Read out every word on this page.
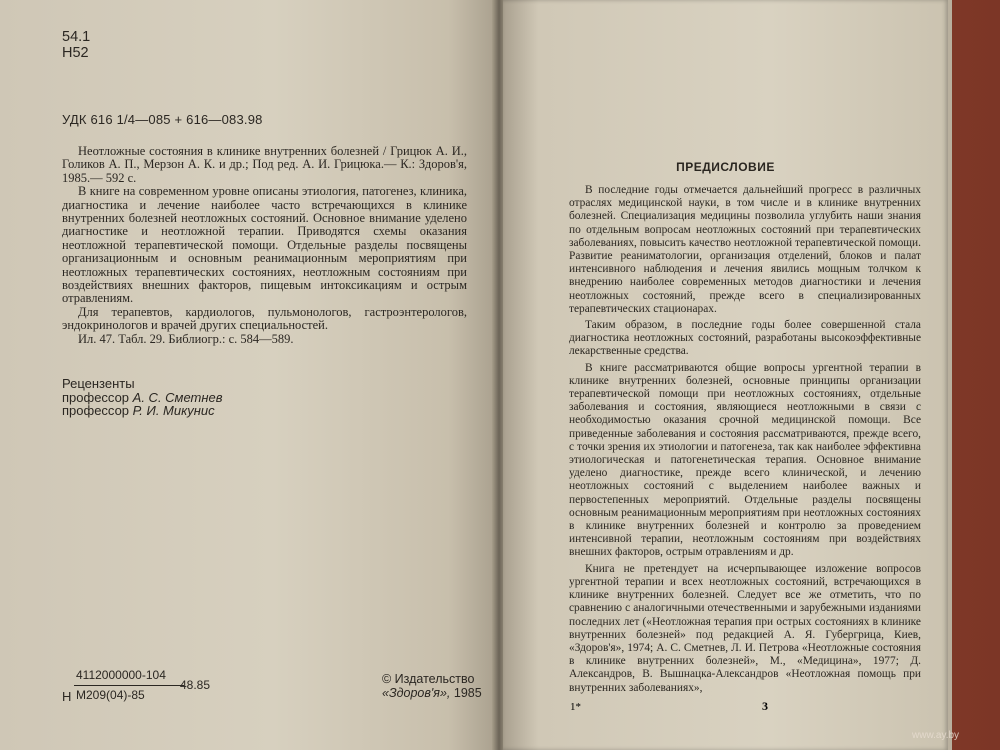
54.1
Н52
УДК 616 1/4—085 + 616—083.98

Неотложные состояния в клинике внутренних болезней / Грицюк А. И., Голиков А. П., Мерзон А. К. и др.; Под ред. А. И. Грицюка.— К.: Здоров'я, 1985.— 592 с.

В книге на современном уровне описаны этиология, патогенез, клиника, диагностика и лечение наиболее часто встречающихся в клинике внутренних болезней неотложных состояний. Основное внимание уделено диагностике и неотложной терапии. Приводятся схемы оказания неотложной терапевтической помощи. Отдельные разделы посвящены организационным и основным реанимационным мероприятиям при неотложных терапевтических состояниях, неотложным состояниям при воздействиях внешних факторов, пищевым интоксикациям и острым отравлениям.

Для терапевтов, кардиологов, пульмонологов, гастроэнтерологов, эндокринологов и врачей других специальностей.

Ил. 47. Табл. 29. Библиогр.: с. 584—589.

Рецензенты
профессор А. С. Сметнев
профессор Р. И. Микунис
Н
4112000000-104
М209(04)-85
48.85	© Издательство
«Здоров'я», 1985
ПРЕДИСЛОВИЕ

В последние годы отмечается дальнейший прогресс в различных отраслях медицинской науки, в том числе и в клинике внутренних болезней. Специализация медицины позволила углубить наши знания по отдельным вопросам неотложных состояний при терапевтических заболеваниях, повысить качество неотложной терапевтической помощи. Развитие реаниматологии, организация отделений, блоков и палат интенсивного наблюдения и лечения явились мощным толчком к внедрению наиболее современных методов диагностики и лечения неотложных состояний, прежде всего в специализированных терапевтических стационарах.

Таким образом, в последние годы более совершенной стала диагностика неотложных состояний, разработаны высокоэффективные лекарственные средства.

В книге рассматриваются общие вопросы ургентной терапии в клинике внутренних болезней, основные принципы организации терапевтической помощи при неотложных состояниях, отдельные заболевания и состояния, являющиеся неотложными в связи с необходимостью оказания срочной медицинской помощи. Все приведенные заболевания и состояния рассматриваются, прежде всего, с точки зрения их этиологии и патогенеза, так как наиболее эффективна этиологическая и патогенетическая терапия. Основное внимание уделено диагностике, прежде всего клинической, и лечению неотложных состояний с выделением наиболее важных и первостепенных мероприятий. Отдельные разделы посвящены основным реанимационным мероприятиям при неотложных состояниях в клинике внутренних болезней и контролю за проведением интенсивной терапии, неотложным состояниям при воздействиях внешних факторов, острым отравлениям и др.

Книга не претендует на исчерпывающее изложение вопросов ургентной терапии и всех неотложных состояний, встречающихся в клинике внутренних болезней. Следует все же отметить, что по сравнению с аналогичными отечественными и зарубежными изданиями последних лет («Неотложная терапия при острых состояниях в клинике внутренних болезней» под редакцией А. Я. Губергрица, Киев, «Здоров'я», 1974; А. С. Сметнев, Л. И. Петрова «Неотложные состояния в клинике внутренних болезней», М., «Медицина», 1977; Д. Александров, В. Вышнацка-Александров «Неотложная помощь при внутренних заболеваниях»,

1*	3
www.ay.by
